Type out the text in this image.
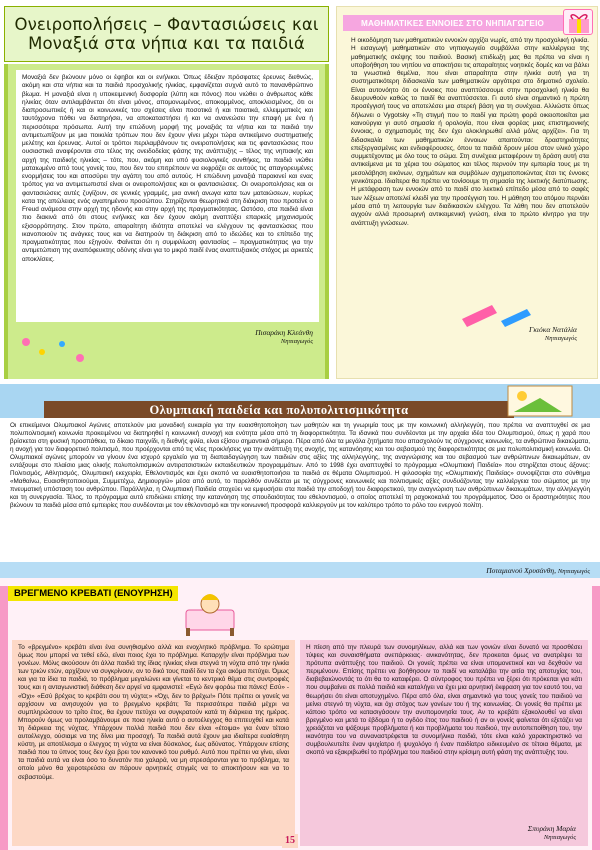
Ονειροπολήσεις – Φαντασιώσεις και Μοναξιά στα νήπια και τα παιδιά

Μοναξιά δεν βιώνουν μόνο οι έφηβοι και οι ενήλικοι. Όπως έδειξαν πρόσφατες έρευνες διεθνώς, ακόμη και στα νήπια και τα παιδιά προσχολικής ηλικίας, εμφανίζεται συχνά αυτό το πανανθρώπινο βίωμα. Η μοναξιά είναι η υποκειμενική δυσφορία (λύπη και πόνος) που νιώθει ο άνθρωπος κάθε ηλικίας όταν αντιλαμβάνεται ότι είναι μόνος, απομονωμένος, αποκομμένος, αποκλεισμένος, ότι οι διαπροσωπικές ή και οι κοινωνικές του σχέσεις είναι ποσοτικά ή και ποιοτικά, ελλειμματικές και ταυτόχρονα πόθει να διατηρήσει, να αποκαταστήσει ή και να ανανεώσει την επαφή με ένα ή περισσότερα πρόσωπα. Αυτή την επώδυνη μορφή της μοναξιάς τα νήπια και τα παιδιά την αντιμετωπίζουν με μια ποικιλία τρόπων που δεν έχουν γίνει μέχρι τώρα αντικείμενο συστηματικής μελέτης και έρευνας. Αυτοί οι τρόποι περιλαμβάνουν τις ονειροπολήσεις και τις φαντασιώσεις που ουσιαστικά αναφέρονται στο τέλος της ονειδοδείας φάσης της ανάπτυξης – τέλος της νηπιακής και αρχή της παιδικής ηλικίας – τότε, που, ακόμη και υπό φυσιολογικές συνθήκες, τα παιδιά νιώθει ματαιωμένο από τους γονείς του, που δεν του επιτρέπουν να εκφράζει σε αυτούς τις απαγορευμένες ενορμήσεις του και αποσύρει την αγάπη του από αυτούς. Η επώδυνη μοναξιά παρακινεί και ενας τρόπος για να αντιμετωπιστεί είναι οι ονειροπολήσεις και οι φαντασιώσεις. Οι ονειροπολήσεις και οι φαντασιώσεις αυτές ζυγίζουν, σε γενικές γραμμές, μια ανική ανωγα κατα των ματαιώσεων, κυρίως κατα της απώλειας ενός αγαπημένου προσώπου. Στηρίζονται θεωρητικά στη διάκριση που προτείνε ο Freud ανάμεσα στην αρχή της ηδονής και στην αρχή της πραγματικότητας. Ωστόσο, στα παιδιά είναι πιο διακινά από ότι στους ενήλικες και δεν έχουν ακόμη αναπτύξει επαρκείς μηχανισμούς εξισορρόπησης. Στον πρώτο, απαραίτητη ιδιότητα αποτελεί να ελέγχουν τις φαντασιώσεις που ικανοποιούν τις ανάγκες τους και να διατηρούν τη διάκριση από το ιδεώδες και το επίπεδο της πραγματικότητας που εξηγούν. Φαίνεται ότι η συμφιλίωση φαντασίας – πραγματικότητας για την αντιμετώπιση της αναπόφευκτης οδύνης είναι για το μικρό παιδί ένας αναπτυξιακός στόχος με αρκετές αποκλίσεις.

Πισαράκη Κλεάνθη
Νηπιαγωγός
ΜΑΘΗΜΑΤΙΚΕΣ ΕΝΝΟΙΕΣ ΣΤΟ ΝΗΠΙΑΓΩΓΕΙΟ

Η οικοδόμηση των μαθηματικών εννοιών αρχίζει νωρίς, από την προσχολική ηλικία. Η εισαγωγή μαθηματικών στο νηπιαγωγείο συμβάλλει στην καλλιέργεια της μαθηματικής σκέψης του παιδιού. Βασική επιδίωξη μας θα πρέπει να είναι η υποβοήθηση του νηπίου να αποκτήσει τις απαραίτητες νοητικές δομές και να βάλει τα γνωστικά θεμέλια, που είναι απαραίτητα στην ηλικία αυτή για τη συστηματικότερη διδασκαλία των μαθηματικών αργότερα στο δημοτικό σχολείο. Είναι αυτονόητο ότι οι έννοιες που αναπτύσσουμε στην προσχολική ηλικία θα διευρυνθούν καθώς το παιδί θα αναπτύσσεται. Γι αυτό είναι σημαντικό η πρώτη προσέγγισή τους να αποτελέσει μια στερεή βάση για τη συνέχεια. Αλλιώστε όπως δήλωνει ο Vygotsky «Τη στιγμή που το παιδί για πρώτη φορά οικειοποιείται μια καινούργια γι αυτό σημασία ή ορολογία, που είναι φορέας μιας επιστημονικής έννοιας, ο σχηματισμός της δεν έχει ολοκληρωθεί αλλά μόλις αρχίζει». Για τη διδασκαλία των μαθηματικών έννοιων απαιτούνται: δραστηριότητες επεξεργασμένες και ενδιαφέρουσες, όπου τα παιδιά δρουν μέσα στον υλικό χώρο συμμετέχοντας με όλο τους το σώμα. Στη συνέχεια μεταφέρουν τη δράση αυτή στα αντικείμενα με τα χέρια του σώματος και τέλος περνούν την εμπειρία τους με τη μεσολάβηση εικόνων, σχημάτων και συμβόλων σχηματοποιώντας έτσι τις έννοιες γενικότερα. Ιδιαίτερα θα πρέπει να τονίσουμε τη σημασία της λεκτικής διατύπωσης. Η μετάφραση των εννοιών από το παιδί στο λεκτικό επίπεδο μέσα από το σαφές των λέξεων αποτελεί κλειδί για την προσέγγιση του. Η μάθηση του ατόμου περνάει μέσα από τη λειτουργία των διαδικασιών ελέγχου. Τα λάθη που δεν αποτελούν αγχούν αλλά προσωρινή αντικειμενική γνώση, είναι το πρώτο κίνητρο για την ανάπτυξη γνώσεων.

Γκιόκα Νατάλία
Νηπιαγωγός
Ολυμπιακή παιδεία και πολυπολιτισμικότητα

Οι επικείμενοι Ολυμπιακοί Αγώνες αποτελούν μια μοναδική ευκαιρία για την ευαισθητοποίηση των μαθητών και τη γνωριμία τους με την κοινωνική αλληλεγγύη, που πρέπει να αναπτυχθεί σε μια πολυπολιτισμική κοινωνία προκειμένου να διατηρηθεί η κοινωνική συνοχή και ενότητα μέσα από τη διαφορετικότητα. Τα ιδανικά που συνδέονται με την αρχαία ιδέα του Ολυμπισμού, όπως η χαρά που βρίσκεται στη φυσική προσπάθεια, το δίκαιο παιχνίδι, η διεθνής φιλία, είναι εξίσου σημαντικά σήμερα. Πέρα από όλα τα μεγάλα ζητήματα που απασχολούν τις σύγχρονες κοινωνίες, τα ανθρώπινα δικαιώματα, η ανοχή για τον διαφορετικό πολιτισμό, που προέρχονται από τις νέες προκλήσεις για την ανάπτυξη της ανοχής, της κατανόησης και του σεβασμού της διαφορετικότητας σε μια πολυπολιτισμική κοινωνία. Οι Ολυμπιακοί αγώνες μπορούν να γίνουν ένα ισχυρό εργαλείο για τη διαπαιδαγώγηση των παιδιών στις αξίες της αλληλεγγύης, της αναγνώρισης και του σεβασμού των ανθρώπινων δικαιωμάτων, αν εντάξουμε στο πλαίσιο μιας ολικής πολυπολιτισμικών αντιρατσιστικών εκπαιδευτικών προγραμμάτων. Από το 1998 έχει αναπτυχθεί το πρόγραμμα «Ολυμπιακή Παιδεία» που στηρίζεται στους άξονες: Πολιτισμός, Αθλητισμός, Ολυμπιακή εκεχειρία, Εθελοντισμός και έχει σκοπό να ευαισθητοποιήσει τα παιδιά σε θέματα Ολυμπισμού. Η φιλοσοφία της «Ολυμπιακής Παιδείας» συνοψίζεται στο σύνθημα «Μαθαίνω, Ευαισθητοποιούμαι, Συμμετέχω, Δημιουργώ» μέσα από αυτό, το παρελθόν συνδέεται με τις σύγχρονες κοινωνικές και πολιτισμικές αξίες συνδυάζοντας την καλλιέργεια του σώματος με την πνευματική υπόσταση του ανθρώπου. Παράλληλα, η Ολυμπιακή Παιδεία στοχεύει να εμφυσήσει στα παιδιά την αποδοχή του διαφορετικού, την αναγνώριση των ανθρώπινων δικαιωμάτων, την αλληλεγγύη και τη συνεργασία. Τέλος, το πρόγραμμα αυτό επιδιώκει επίσης την κατανόηση της σπουδαιότητας του εθελοντισμού, ο οποίος αποτελεί τη ραχοκοκαλιά του προγράμματος. Όσο οι δραστηριότητες που βιώνουν τα παιδιά μέσα από εμπειρίες που συνδέονται με τον εθελοντισμό και την κοινωνική προσφορά καλλιεργούν με τον καλύτερο τρόπο το ρόλο του ενεργού πολίτη.

Ποταμιανού Χρυσάνθη, Νηπιαγωγός
ΒΡΕΓΜΕΝΟ ΚΡΕΒΑΤΙ (ΕΝΟΥΡΗΣΗ)

Το «βρεγμένο» κρεβάτι είναι ένα συνηθισμένο αλλά και ενοχλητικό πρόβλημα. Το ερώτημα όμως που μπορεί να τεθεί εδώ, είναι ποιος έχει το πρόβλημα. Καταρχήν είναι πρόβλημα των γονέων. Μόλις ακούσουν ότι άλλα παιδιά της ίδιας ηλικίας είναι στεγνά τη νύχτα από την ηλικία των τριών ετών, αρχίζουν να συγκρίνουν, αν το δικό τους παιδί δεν τα έχει ακόμα πετύχει. Όμως και για τα ίδια τα παιδιά, το πρόβλημα μεγαλώνει και γίνεται το κεντρικό θέμα στις συντροφιές τους και η ανταγωνιστική διάθεση δεν αργεί να εμφανιστεί: «Εγώ δεν φοράω πια πάνες! Εσύ» - «Όχι» «Εσύ βρέχεις το κρεβάτι σου τη νύχτα;» «Όχι, δεν το βρέχω!» Πότε πρέπει οι γονείς να αρχίσουν να ανησυχούν για το βρεγμένο κρεβάτι; Τα περισσότερα παιδιά μέχρι να συμπληρώσουν το τρίτο έτος, θα έχουν πετύχει να συγκρατούν κατά τη διάρκεια της ημέρας. Μπορούν όμως να προλαμβάνουμε σε ποια ηλικία αυτό ο αυτοέλεγχος θα επιτευχθεί και κατά τη διάρκεια της νύχτας. Υπάρχουν πολλά παιδιά που δεν είναι «έτοιμα» για έναν τέτοιο αυτοέλεγχο, ούσιαμε να της δίνει μια προσοχή. Τα παιδιά αυτά έχουν μια ιδιαίτερα ευαίσθητη κύστη, με αποτέλεσμα ο έλεγχος τη νύχτα να είναι δύσκολος, έως αδύνατος. Υπάρχουν επίσης παιδιά που το ύπνος τους δεν έχει βρει τον κανονικό του ρυθμό. Αυτό που πρέπει να γίνει, είναι τα παιδιά αυτά να είναι όσο το δυνατόν πιο χαλαρά, να μη στρεσάρονται για το πρόβλημα, τα οποίο μόνο θα χειροτερεύσει αν πάρουν αρνητικές στιγμές να το αποκτήσουν και να το σεβαστούμε.

Η πίεση από την πλευρά των συνομηλίκων, αλλά και των γονιών είναι δυνατό να προσθέσει τύψεις και συναισθήματα ανεπάρκειας· ανικανότητας, δεν προκειται όμως να ανατρέψει τα πρότυπα ανάπτυξης του παιδιού. Οι γονείς πρέπει να είναι υπομονετικοί και να δεχθούν να περιμένουν. Επίσης πρέπει να βοήθησουν το παιδί να καταλάβει την αιτία της αποτυχίας του, διαβεβαιώνοντάς το ότι θα το καταφέρει. Ο σύντροφος του πρέπει να ξέρει ότι πρόκειται για κάτι που συμβαίνει σε πολλά παιδιά και καταλήγει να έχει μια αρνητική έκφραση για τον εαυτό του, να θεωρήσει ότι είναι αποτυχημένο. Πέρα από όλα, είναι σημαντικό για τους γονείς του παιδιού να μείνει στεγνό τη νύχτα, και όχι στόχος των γονέων του ή της κοινωνίας. Οι γονείς θα πρέπει με κάποιο τρόπο να κατασιγάσουν την ανυπομονησία τους. Αν το κρεβάτι εξακολουθεί να είναι βρεγμένο και μετά το έβδομο ή το ογδόο έτος του παιδιού ή αν οι γονείς φαίνεται ότι εξετάζει να χρειάζεται να ψάξουμε προβλήματα ή και προβλήματα του παιδιού, την αυτοπεποίθηση του, την ικανότητα του να συναναστρέφεται τα συνομήλικα παιδιά, τότε είναι καλό χαρακτηριστικό να συμβουλευτείτε έναν ψυχίατρο ή ψυχολόγο ή έναν παιδίατρο ειδικευμένο σε τέτοια θέματα, με σκοπό να εξακριβωθεί το πρόβλημα του παιδιού στην κρίσιμη αυτή φάση της ανάπτυξης του.

Σπυράκη Μαρία
Νηπιαγωγός
15
